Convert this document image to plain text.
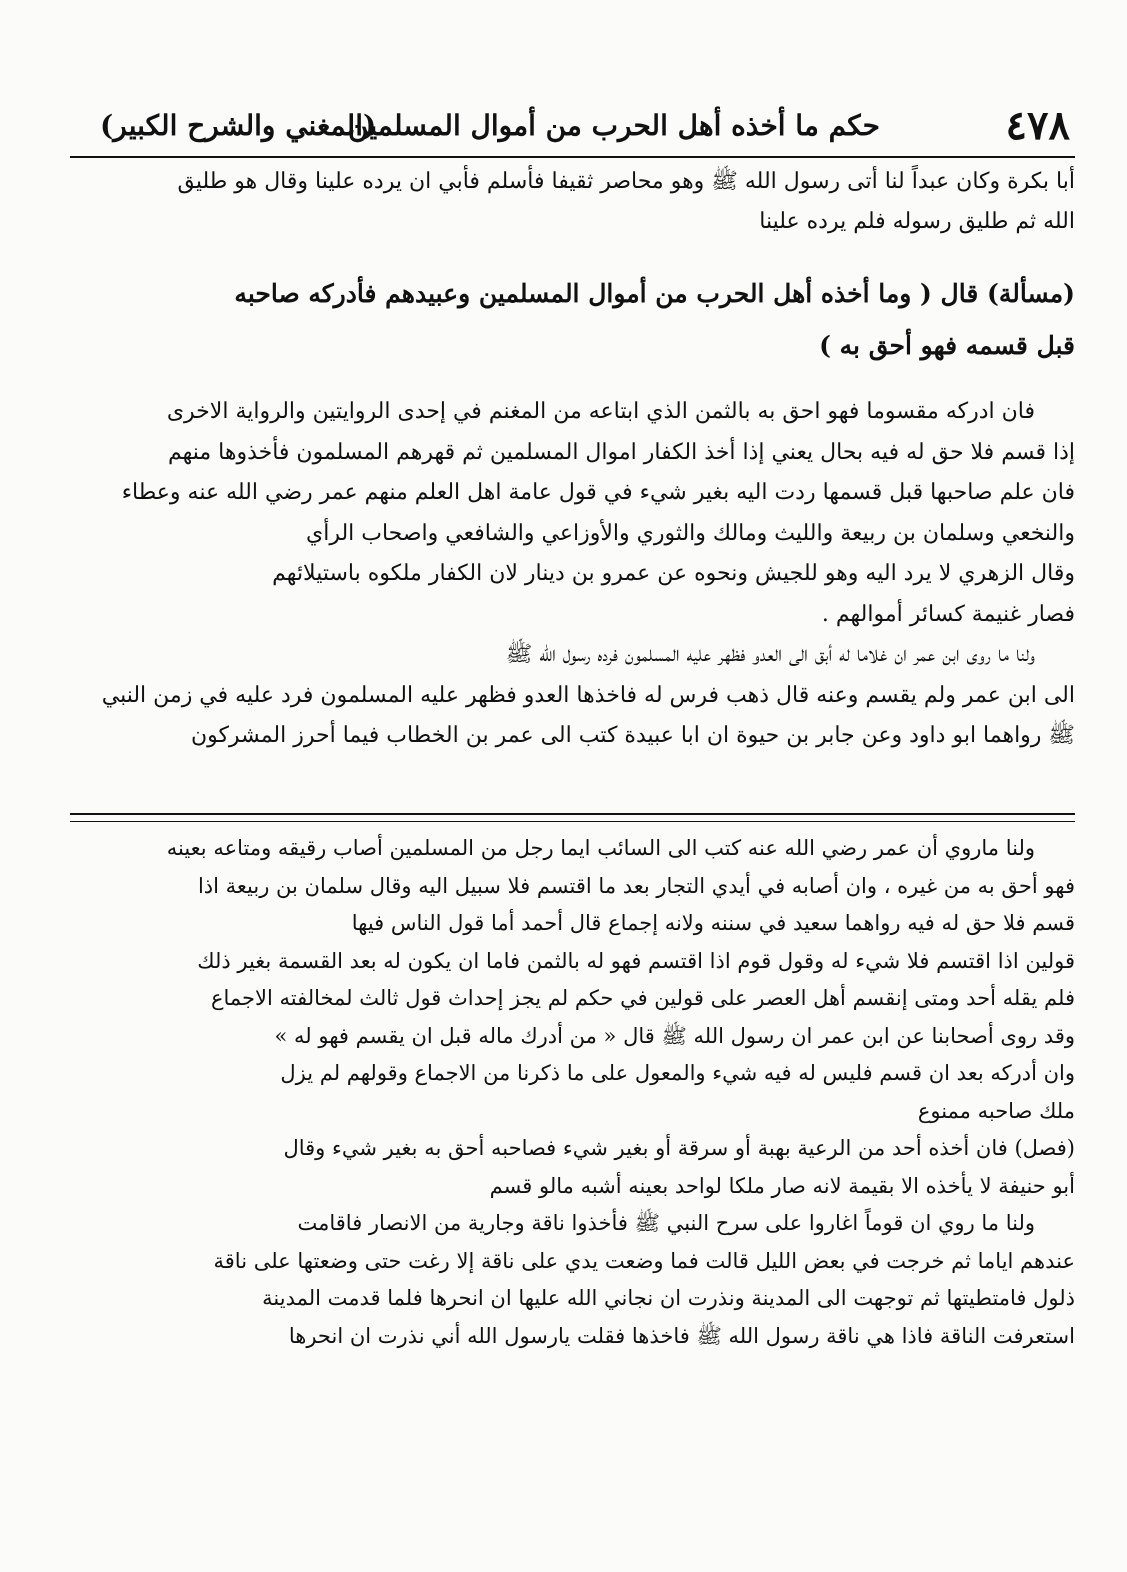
٤٧٨
حكم ما أخذه أهل الحرب من أموال المسلمين
(المغني والشرح الكبير)
أبا بكرة وكان عبداً لنا أتى رسول الله ﷺ وهو محاصر ثقيفا فأسلم فأبي ان يرده علينا وقال هو طليق
الله ثم طليق رسوله فلم يرده علينا
(مسألة) قال ( وما أخذه أهل الحرب من أموال المسلمين وعبيدهم فأدركه صاحبه
قبل قسمه فهو أحق به )
فان ادركه مقسوما فهو احق به بالثمن الذي ابتاعه من المغنم في إحدى الروايتين والرواية الاخرى
إذا قسم فلا حق له فيه بحال يعني إذا أخذ الكفار اموال المسلمين ثم قهرهم المسلمون فأخذوها منهم
فان علم صاحبها قبل قسمها ردت اليه بغير شيء في قول عامة اهل العلم منهم عمر رضي الله عنه وعطاء
والنخعي وسلمان بن ربيعة والليث ومالك والثوري والأوزاعي والشافعي واصحاب الرأي
وقال الزهري لا يرد اليه وهو للجيش ونحوه عن عمرو بن دينار لان الكفار ملكوه باستيلائهم
فصار غنيمة كسائر أموالهم .
ولنا ما روى ابن عمر ان غلاما له أبق الى العدو فظهر عليه المسلمون فرده رسول الله ﷺ
الى ابن عمر ولم يقسم وعنه قال ذهب فرس له فاخذها العدو فظهر عليه المسلمون فرد عليه في زمن النبي
ﷺ رواهما ابو داود وعن جابر بن حيوة ان ابا عبيدة كتب الى عمر بن الخطاب فيما أحرز المشركون
ولنا ماروي أن عمر رضي الله عنه كتب الى السائب ايما رجل من المسلمين أصاب رقيقه ومتاعه بعينه
فهو أحق به من غيره ، وان أصابه في أيدي التجار بعد ما اقتسم فلا سبيل اليه وقال سلمان بن ربيعة اذا
قسم فلا حق له فيه رواهما سعيد في سننه ولانه إجماع قال أحمد أما قول الناس فيها
قولين اذا اقتسم فلا شيء له وقول قوم اذا اقتسم فهو له بالثمن فاما ان يكون له بعد القسمة بغير ذلك
فلم يقله أحد ومتى إنقسم أهل العصر على قولين في حكم لم يجز إحداث قول ثالث لمخالفته الاجماع
وقد روى أصحابنا عن ابن عمر ان رسول الله ﷺ قال « من أدرك ماله قبل ان يقسم فهو له »
وان أدركه بعد ان قسم فليس له فيه شيء والمعول على ما ذكرنا من الاجماع وقولهم لم يزل
ملك صاحبه ممنوع
(فصل) فان أخذه أحد من الرعية بهبة أو سرقة أو بغير شيء فصاحبه أحق به بغير شيء وقال
أبو حنيفة لا يأخذه الا بقيمة لانه صار ملكا لواحد بعينه أشبه مالو قسم
ولنا ما روي ان قوماً اغاروا على سرح النبي ﷺ فأخذوا ناقة وجارية من الانصار فاقامت
عندهم اياما ثم خرجت في بعض الليل قالت فما وضعت يدي على ناقة إلا رغت حتى وضعتها على ناقة
ذلول فامتطيتها ثم توجهت الى المدينة ونذرت ان نجاني الله عليها ان انحرها فلما قدمت المدينة
استعرفت الناقة فاذا هي ناقة رسول الله ﷺ فاخذها فقلت يارسول الله أني نذرت ان انحرها
